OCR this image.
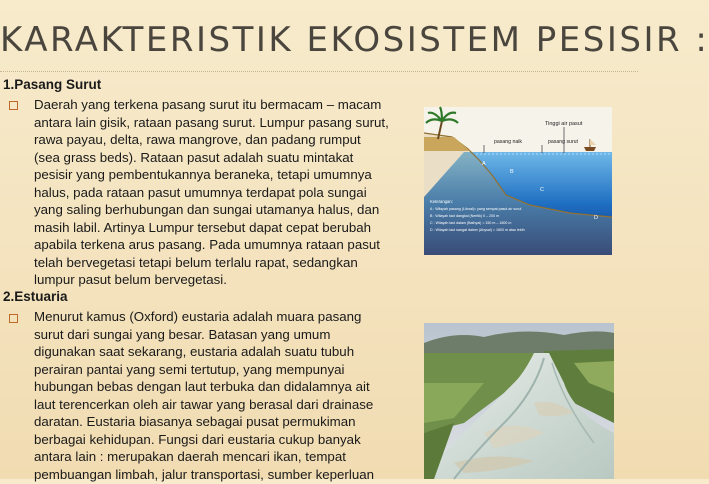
KARAKTERISTIK EKOSISTEM PESISIR :
1.Pasang Surut
Daerah yang terkena pasang surut itu bermacam – macam
antara lain gisik, rataan pasang surut. Lumpur pasang surut,
rawa payau, delta, rawa mangrove, dan padang rumput
(sea grass beds). Rataan pasut adalah suatu mintakat
pesisir yang pembentukannya beraneka, tetapi umumnya
halus, pada rataan pasut umumnya terdapat pola sungai
yang saling berhubungan dan sungai utamanya halus, dan
masih labil. Artinya Lumpur tersebut dapat cepat berubah
apabila terkena arus pasang. Pada umumnya rataan pasut
telah bervegetasi tetapi belum terlalu rapat, sedangkan
lumpur pasut belum bervegetasi.
2.Estuaria
Menurut kamus (Oxford) eustaria adalah muara pasang
surut dari sungai yang besar. Batasan yang umum
digunakan saat sekarang, eustaria adalah suatu tubuh
perairan pantai yang semi tertutup, yang mempunyai
hubungan bebas dengan laut terbuka dan didalamnya ait
laut terencerkan oleh air tawar yang berasal dari drainase
daratan. Eustaria biasanya sebagai pusat permukiman
berbagai kehidupan. Fungsi dari eustaria cukup banyak
antara lain : merupakan daerah mencari ikan, tempat
pembuangan limbah, jalur transportasi, sumber keperluan
Tinggi air pasut
pasang naik	pasang surut
A
B
C
D
Keterangan:
A : Wilayah pasang (Litoral)= yang sempat pasut air surut
B : Wilayah laut dangkal (Neritik) 0 – 200 m
C : Wilayah laut dalam (Bathyal) = 150 m – 1800 m
D : Wilayah laut sangat dalam (Abysal) = 1800 m atau lebih
